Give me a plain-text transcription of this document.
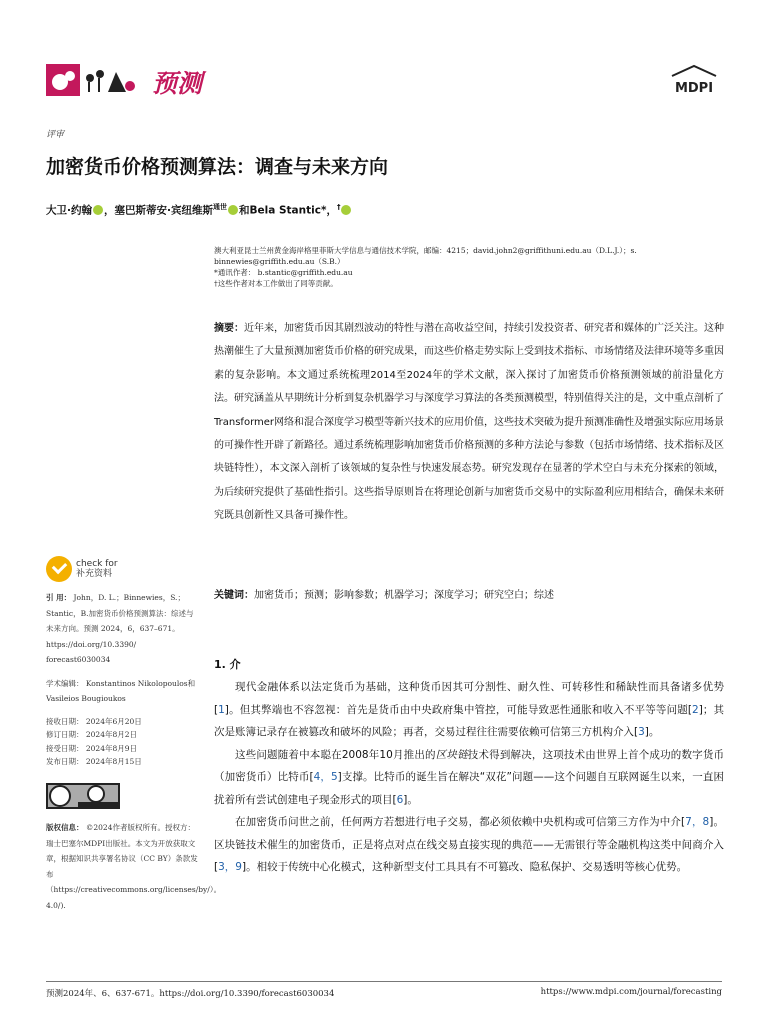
预测	MDPI
评审
加密货币价格预测算法：调查与未来方向
大卫·约翰 ，塞巴斯蒂安·宾纽维斯$^{通世}$ 和Bela Stantic*，†
澳大利亚昆士兰州黄金海岸格里菲斯大学信息与通信技术学院，邮编：4215；david.john2@griffithuni.edu.au（D.L.J.）；s.
binnewies@griffith.edu.au（S.B.）
*通讯作者： b.stantic@griffith.edu.au
†这些作者对本工作做出了同等贡献。
摘要：近年来，加密货币因其剧烈波动的特性与潜在高收益空间，持续引发投资者、研究者和媒体的广泛关注。这种热潮催生了大量预测加密货币价格的研究成果，而这些价格走势实际上受到技术指标、市场情绪及法律环境等多重因素的复杂影响。本文通过系统梳理2014至2024年的学术文献，深入探讨了加密货币价格预测领域的前沿量化方法。研究涵盖从早期统计分析到复杂机器学习与深度学习算法的各类预测模型，特别值得关注的是，文中重点剖析了Transformer网络和混合深度学习模型等新兴技术的应用价值，这些技术突破为提升预测准确性及增强实际应用场景的可操作性开辟了新路径。通过系统梳理影响加密货币价格预测的多种方法论与参数（包括市场情绪、技术指标及区块链特性），本文深入剖析了该领域的复杂性与快速发展态势。研究发现存在显著的学术空白与未充分探索的领域，为后续研究提供了基础性指引。这些指导原则旨在将理论创新与加密货币交易中的实际盈利应用相结合，确保未来研究既具创新性又具备可操作性。
关键词：加密货币；预测；影响参数；机器学习；深度学习；研究空白；综述
check for
补充资料
引 用： John，D. L.；Binnewies，S.；Stantic，B.加密货币价格预测算法：综述与未来方向。预测 2024，6，637–671。https://doi.org/10.3390/ forecast6030034
学术编辑： Konstantinos Nikolopoulos和Vasileios Bougioukos
接收日期： 2024年6月20日
修订日期： 2024年8月2日
接受日期： 2024年8月9日
发布日期： 2024年8月15日
版权信息： ©2024作者版权所有。授权方：瑞士巴塞尔MDPI出版社。本文为开放获取文章，根据知识共享署名协议（CC BY）条款发布（https://creativecommons.org/licenses/by/）。4.0/).
1. 介

现代金融体系以法定货币为基础，这种货币因其可分割性、耐久性、可转移性和稀缺性而具备诸多优势[1]。但其弊端也不容忽视：首先是货币由中央政府集中管控，可能导致恶性通胀和收入不平等等问题[2]；其次是账簿记录存在被篡改和破坏的风险；再者，交易过程往往需要依赖可信第三方机构介入[3]。

这些问题随着中本聪在2008年10月推出的区块链技术得到解决，这项技术由世界上首个成功的数字货币（加密货币）比特币[4，5]支撑。比特币的诞生旨在解决“双花”问题——这个问题自互联网诞生以来，一直困扰着所有尝试创建电子现金形式的项目[6]。

在加密货币问世之前，任何两方若想进行电子交易，都必须依赖中央机构或可信第三方作为中介[7，8]。区块链技术催生的加密货币，正是将点对点在线交易直接实现的典范——无需银行等金融机构这类中间商介入[3，9]。相较于传统中心化模式，这种新型支付工具具有不可篡改、隐私保护、交易透明等核心优势。

预测2024年、6、637-671。https://doi.org/10.3390/forecast6030034	https://www.mdpi.com/journal/forecasting
